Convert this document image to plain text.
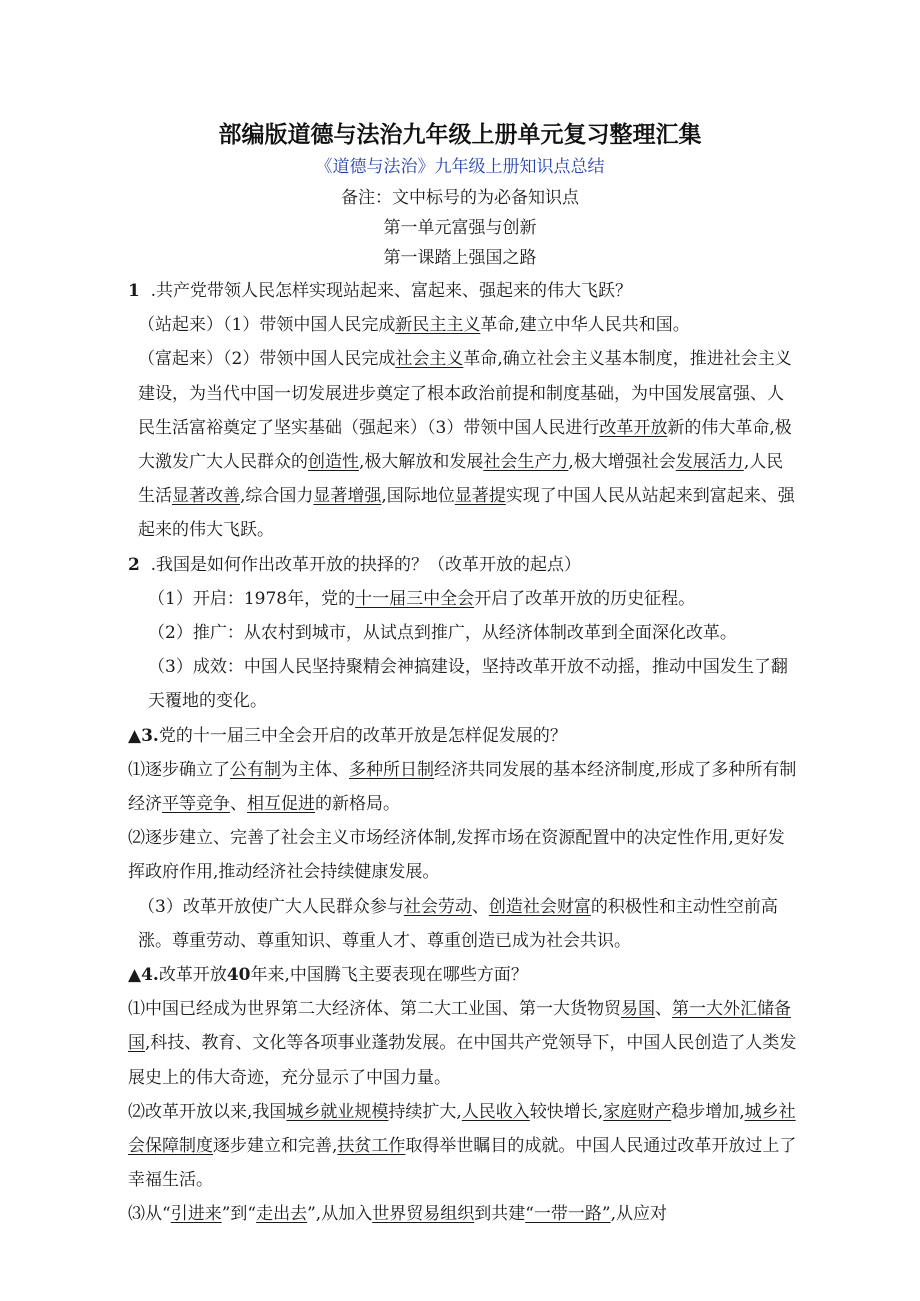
部编版道德与法治九年级上册单元复习整理汇集
《道德与法治》九年级上册知识点总结
备注：文中标号的为必备知识点
第一单元富强与创新
第一课踏上强国之路

1 .共产党带领人民怎样实现站起来、富起来、强起来的伟大飞跃？

（站起来）（1）带领中国人民完成新民主主义革命,建立中华人民共和国。

（富起来）（2）带领中国人民完成社会主义革命,确立社会主义基本制度，推进社会主义建设，为当代中国一切发展进步奠定了根本政治前提和制度基础，为中国发展富强、人民生活富裕奠定了坚实基础（强起来）（3）带领中国人民进行改革开放新的伟大革命,极大激发广大人民群众的创造性,极大解放和发展社会生产力,极大增强社会发展活力,人民生活显著改善,综合国力显著增强,国际地位显著提实现了中国人民从站起来到富起来、强起来的伟大飞跃。

2 .我国是如何作出改革开放的抉择的？（改革开放的起点）

（1）开启：1978年，党的十一届三中全会开启了改革开放的历史征程。

（2）推广：从农村到城市，从试点到推广，从经济体制改革到全面深化改革。

（3）成效：中国人民坚持聚精会神搞建设，坚持改革开放不动摇，推动中国发生了翻天覆地的变化。

▲3.党的十一届三中全会开启的改革开放是怎样促发展的？

⑴逐步确立了公有制为主体、多种所日制经济共同发展的基本经济制度,形成了多种所有制经济平等竞争、相互促进的新格局。

⑵逐步建立、完善了社会主义市场经济体制,发挥市场在资源配置中的决定性作用,更好发挥政府作用,推动经济社会持续健康发展。

（3）改革开放使广大人民群众参与社会劳动、创造社会财富的积极性和主动性空前高涨。尊重劳动、尊重知识、尊重人才、尊重创造已成为社会共识。

▲4.改革开放40年来,中国腾飞主要表现在哪些方面？

⑴中国已经成为世界第二大经济体、第二大工业国、第一大货物贸易国、第一大外汇储备国,科技、教育、文化等各项事业蓬勃发展。在中国共产党领导下，中国人民创造了人类发展史上的伟大奇迹，充分显示了中国力量。

⑵改革开放以来,我国城乡就业规模持续扩大,人民收入较快增长,家庭财产稳步增加,城乡社会保障制度逐步建立和完善,扶贫工作取得举世瞩目的成就。中国人民通过改革开放过上了幸福生活。

⑶从“引进来”到“走出去”,从加入世界贸易组织到共建“一带一路”,从应对
